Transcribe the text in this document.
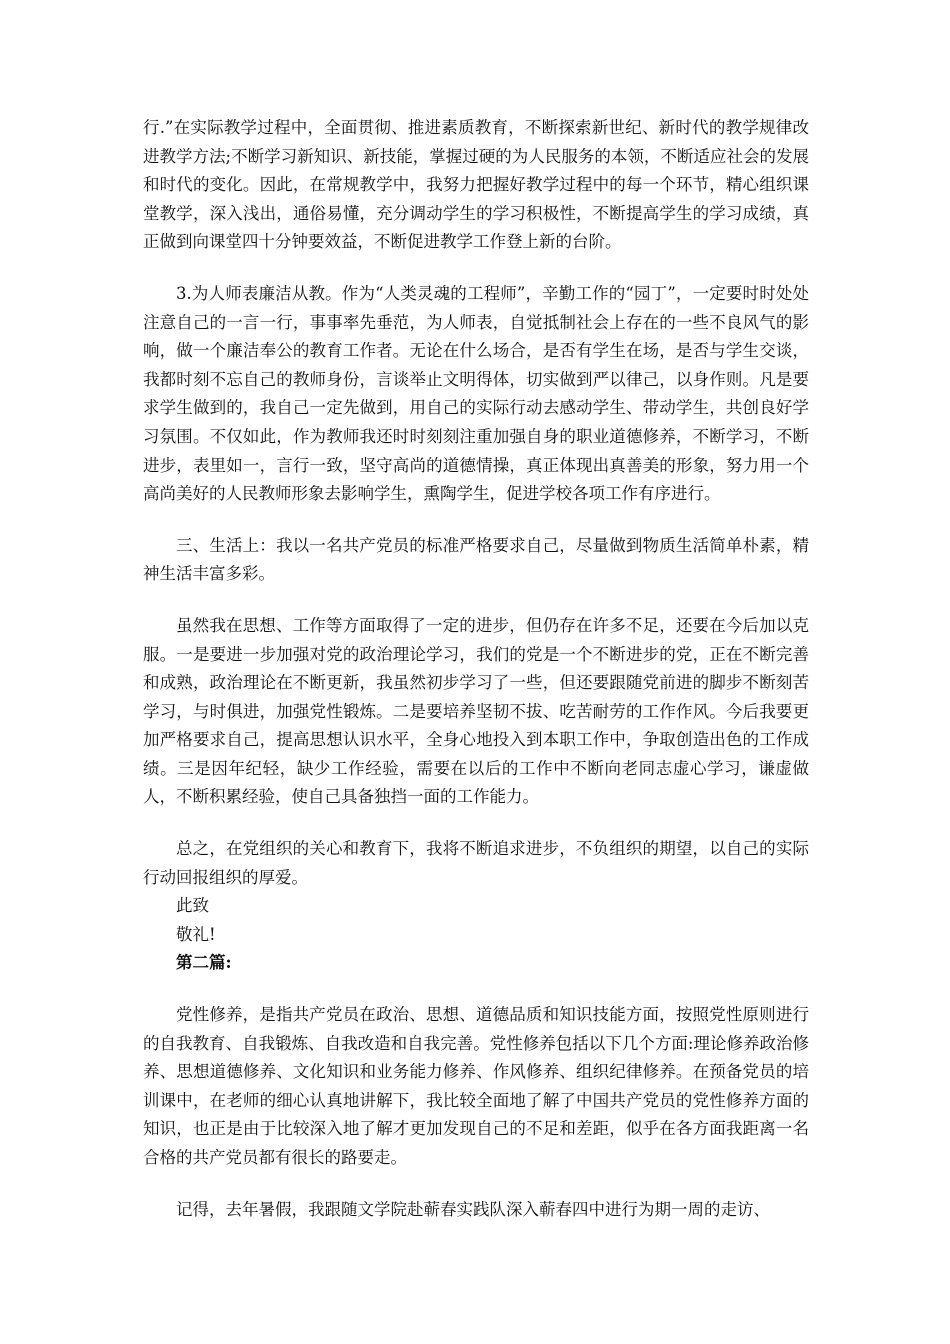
行.”在实际教学过程中，全面贯彻、推进素质教育，不断探索新世纪、新时代的教学规律改进教学方法;不断学习新知识、新技能，掌握过硬的为人民服务的本领，不断适应社会的发展和时代的变化。因此，在常规教学中，我努力把握好教学过程中的每一个环节，精心组织课堂教学，深入浅出，通俗易懂，充分调动学生的学习积极性，不断提高学生的学习成绩，真正做到向课堂四十分钟要效益，不断促进教学工作登上新的台阶。

3.为人师表廉洁从教。作为“人类灵魂的工程师”，辛勤工作的“园丁”，一定要时时处处注意自己的一言一行，事事率先垂范，为人师表，自觉抵制社会上存在的一些不良风气的影响，做一个廉洁奉公的教育工作者。无论在什么场合，是否有学生在场，是否与学生交谈，我都时刻不忘自己的教师身份，言谈举止文明得体，切实做到严以律己，以身作则。凡是要求学生做到的，我自己一定先做到，用自己的实际行动去感动学生、带动学生，共创良好学习氛围。不仅如此，作为教师我还时时刻刻注重加强自身的职业道德修养，不断学习，不断进步，表里如一，言行一致，坚守高尚的道德情操，真正体现出真善美的形象，努力用一个高尚美好的人民教师形象去影响学生，熏陶学生，促进学校各项工作有序进行。

三、生活上：我以一名共产党员的标准严格要求自己，尽量做到物质生活简单朴素，精神生活丰富多彩。

虽然我在思想、工作等方面取得了一定的进步，但仍存在许多不足，还要在今后加以克服。一是要进一步加强对党的政治理论学习，我们的党是一个不断进步的党，正在不断完善和成熟，政治理论在不断更新，我虽然初步学习了一些，但还要跟随党前进的脚步不断刻苦学习，与时俱进，加强党性锻炼。二是要培养坚韧不拔、吃苦耐劳的工作作风。今后我要更加严格要求自己，提高思想认识水平，全身心地投入到本职工作中，争取创造出色的工作成绩。三是因年纪轻，缺少工作经验，需要在以后的工作中不断向老同志虚心学习，谦虚做人，不断积累经验，使自己具备独挡一面的工作能力。

总之，在党组织的关心和教育下，我将不断追求进步，不负组织的期望，以自己的实际行动回报组织的厚爱。

此致

敬礼!

第二篇:

党性修养，是指共产党员在政治、思想、道德品质和知识技能方面，按照党性原则进行的自我教育、自我锻炼、自我改造和自我完善。党性修养包括以下几个方面:理论修养政治修养、思想道德修养、文化知识和业务能力修养、作风修养、组织纪律修养。在预备党员的培训课中，在老师的细心认真地讲解下，我比较全面地了解了中国共产党员的党性修养方面的知识，也正是由于比较深入地了解才更加发现自己的不足和差距，似乎在各方面我距离一名合格的共产党员都有很长的路要走。

记得，去年暑假，我跟随文学院赴蕲春实践队深入蕲春四中进行为期一周的走访、
